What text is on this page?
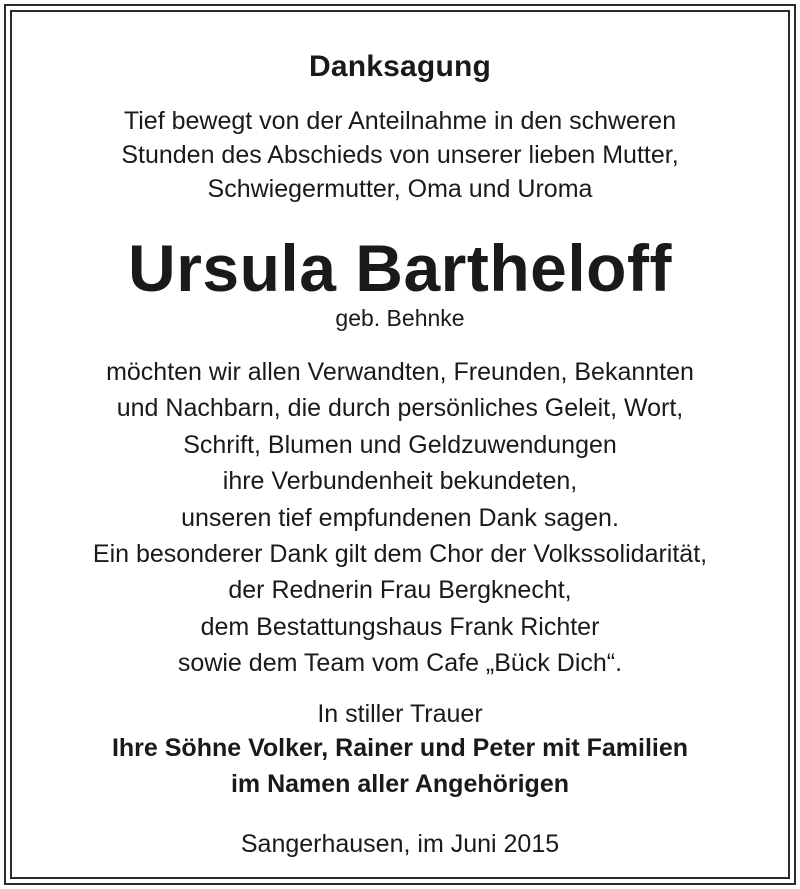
Danksagung
Tief bewegt von der Anteilnahme in den schweren
Stunden des Abschieds von unserer lieben Mutter,
Schwiegermutter, Oma und Uroma
Ursula Bartheloff
geb. Behnke
möchten wir allen Verwandten, Freunden, Bekannten
und Nachbarn, die durch persönliches Geleit, Wort,
Schrift, Blumen und Geldzuwendungen
ihre Verbundenheit bekundeten,
unseren tief empfundenen Dank sagen.
Ein besonderer Dank gilt dem Chor der Volkssolidarität,
der Rednerin Frau Bergknecht,
dem Bestattungshaus Frank Richter
sowie dem Team vom Cafe „Bück Dich“.
In stiller Trauer
Ihre Söhne Volker, Rainer und Peter mit Familien
im Namen aller Angehörigen
Sangerhausen, im Juni 2015
